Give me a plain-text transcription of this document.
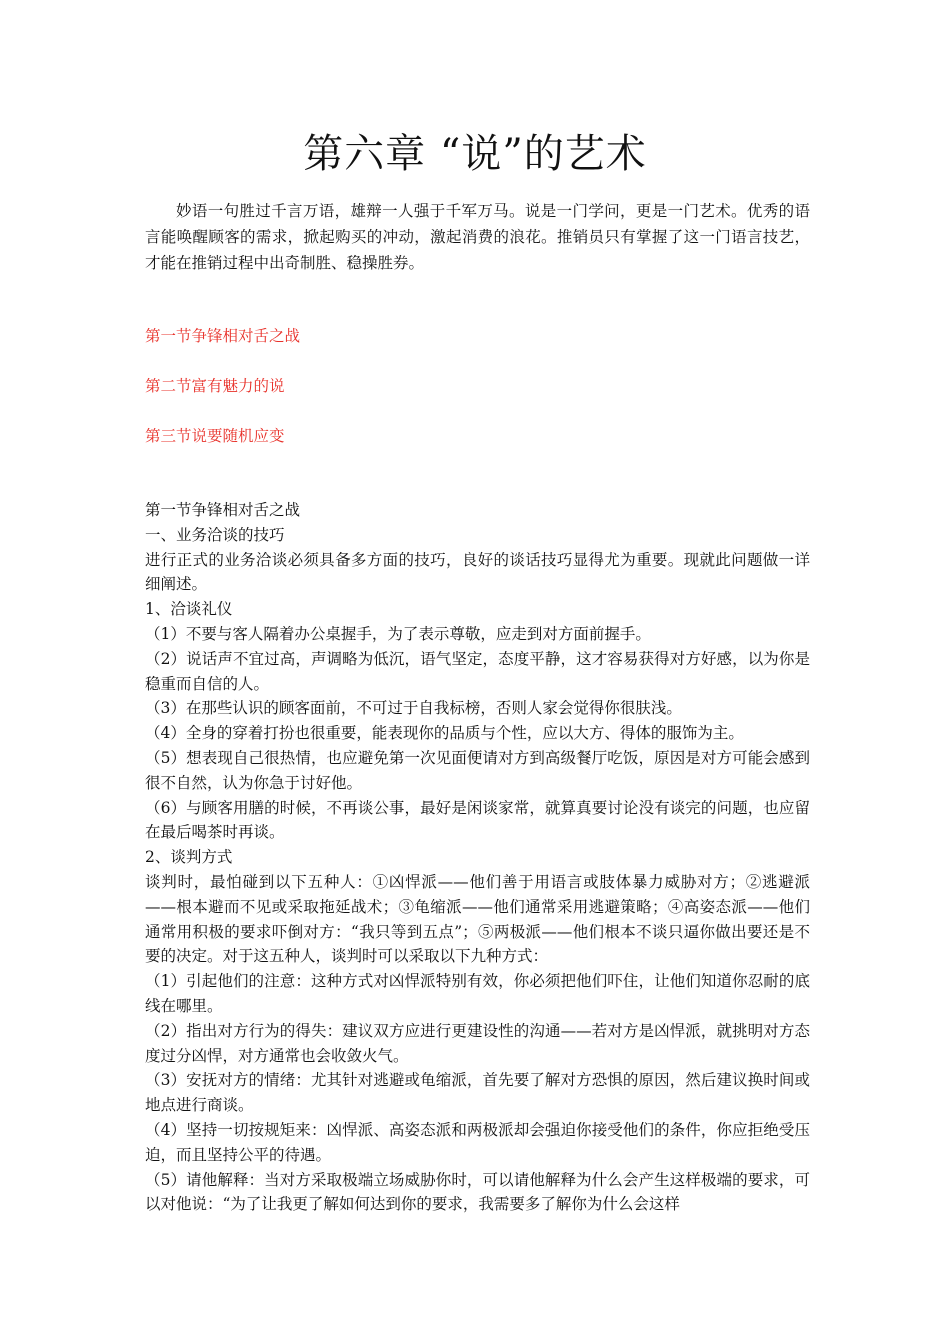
第六章 “说”的艺术

妙语一句胜过千言万语，雄辩一人强于千军万马。说是一门学问，更是一门艺术。优秀的语言能唤醒顾客的需求，掀起购买的冲动，激起消费的浪花。推销员只有掌握了这一门语言技艺，才能在推销过程中出奇制胜、稳操胜券。

第一节争锋相对舌之战
第二节富有魅力的说
第三节说要随机应变
第一节争锋相对舌之战
一、业务洽谈的技巧
进行正式的业务洽谈必须具备多方面的技巧，良好的谈话技巧显得尤为重要。现就此问题做一详细阐述。
1、洽谈礼仪
（1）不要与客人隔着办公桌握手，为了表示尊敬，应走到对方面前握手。
（2）说话声不宜过高，声调略为低沉，语气坚定，态度平静，这才容易获得对方好感，以为你是稳重而自信的人。
（3）在那些认识的顾客面前，不可过于自我标榜，否则人家会觉得你很肤浅。
（4）全身的穿着打扮也很重要，能表现你的品质与个性，应以大方、得体的服饰为主。
（5）想表现自己很热情，也应避免第一次见面便请对方到高级餐厅吃饭，原因是对方可能会感到很不自然，认为你急于讨好他。
（6）与顾客用膳的时候，不再谈公事，最好是闲谈家常，就算真要讨论没有谈完的问题，也应留在最后喝茶时再谈。
2、谈判方式
谈判时，最怕碰到以下五种人：①凶悍派——他们善于用语言或肢体暴力威胁对方；②逃避派——根本避而不见或采取拖延战术；③龟缩派——他们通常采用逃避策略；④高姿态派——他们通常用积极的要求吓倒对方：“我只等到五点”；⑤两极派——他们根本不谈只逼你做出要还是不要的决定。对于这五种人，谈判时可以采取以下九种方式：
（1）引起他们的注意：这种方式对凶悍派特别有效，你必须把他们吓住，让他们知道你忍耐的底线在哪里。
（2）指出对方行为的得失：建议双方应进行更建设性的沟通——若对方是凶悍派，就挑明对方态度过分凶悍，对方通常也会收敛火气。
（3）安抚对方的情绪：尤其针对逃避或龟缩派，首先要了解对方恐惧的原因，然后建议换时间或地点进行商谈。
（4）坚持一切按规矩来：凶悍派、高姿态派和两极派却会强迫你接受他们的条件，你应拒绝受压迫，而且坚持公平的待遇。
（5）请他解释：当对方采取极端立场威胁你时，可以请他解释为什么会产生这样极端的要求，可以对他说：“为了让我更了解如何达到你的要求，我需要多了解你为什么会这样
